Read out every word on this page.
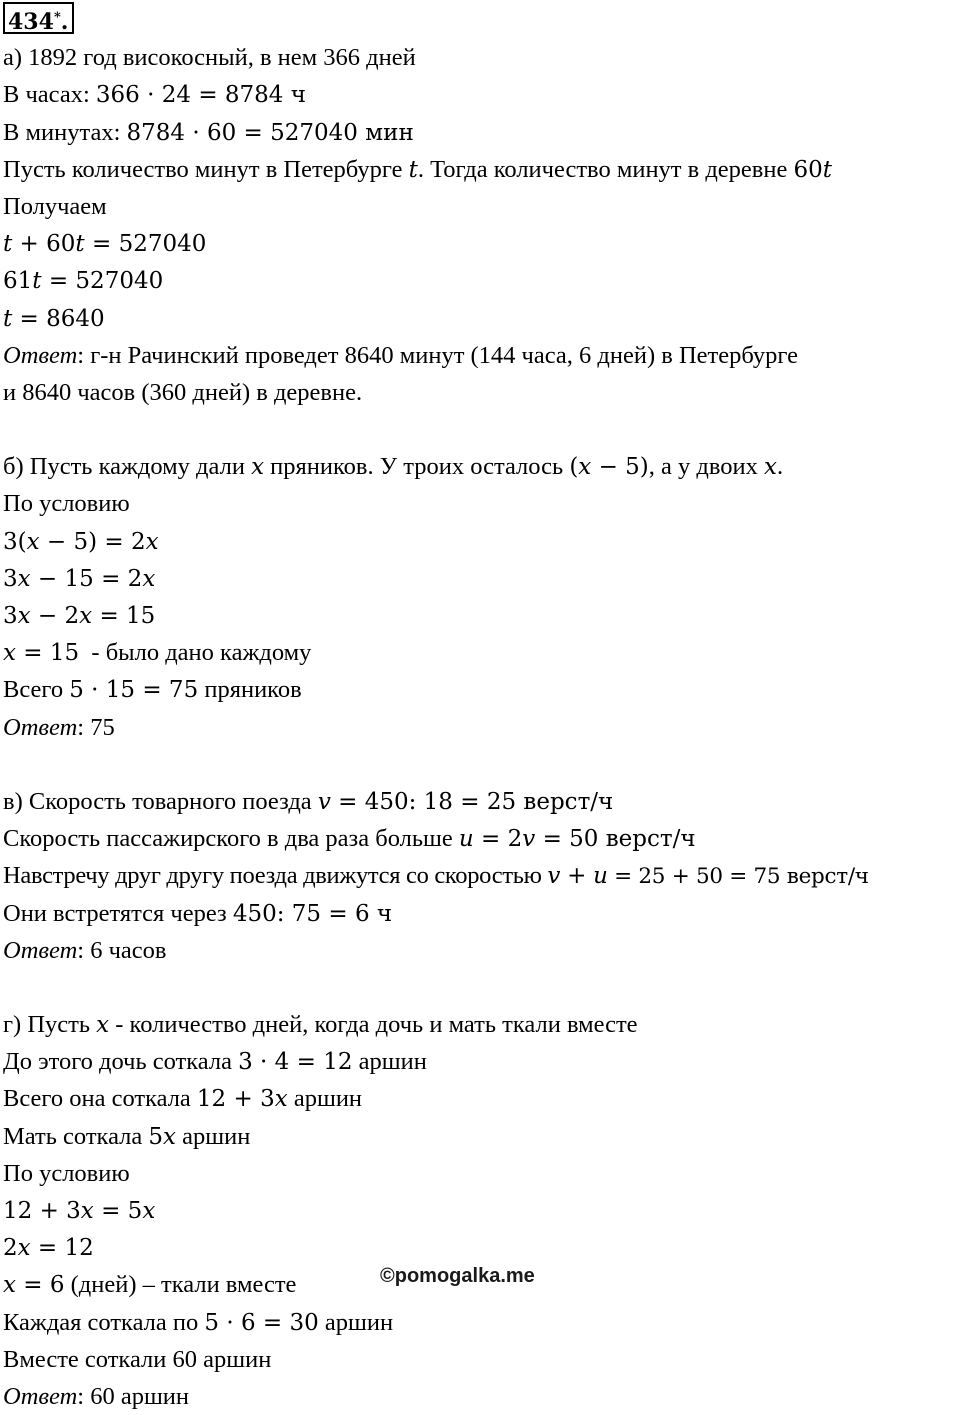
434*.
а) 1892 год високосный, в нем 366 дней
В часах: 366 · 24 = 8784 ч
В минутах: 8784 · 60 = 527040 мин
Пусть количество минут в Петербурге t. Тогда количество минут в деревне 60t
Получаем
t + 60t = 527040
61t = 527040
t = 8640
Ответ: г-н Рачинский проведет 8640 минут (144 часа, 6 дней) в Петербурге
и 8640 часов (360 дней) в деревне.
б) Пусть каждому дали x пряников. У троих осталось (x − 5), а у двоих x.
По условию
3(x − 5) = 2x
3x − 15 = 2x
3x − 2x = 15
x = 15  - было дано каждому
Всего 5 · 15 = 75 пряников
Ответ: 75
в) Скорость товарного поезда v = 450: 18 = 25 верст/ч
Скорость пассажирского в два раза больше u = 2v = 50 верст/ч
Навстречу друг другу поезда движутся со скоростью v + u = 25 + 50 = 75 верст/ч
Они встретятся через 450: 75 = 6 ч
Ответ: 6 часов
г) Пусть x - количество дней, когда дочь и мать ткали вместе
До этого дочь соткала 3 · 4 = 12 аршин
Всего она соткала 12 + 3x аршин
Мать соткала 5x аршин
По условию
12 + 3x = 5x
2x = 12
x = 6 (дней) – ткали вместе
Каждая соткала по 5 · 6 = 30 аршин
Вместе соткали 60 аршин
Ответ: 60 аршин
©pomogalka.me
